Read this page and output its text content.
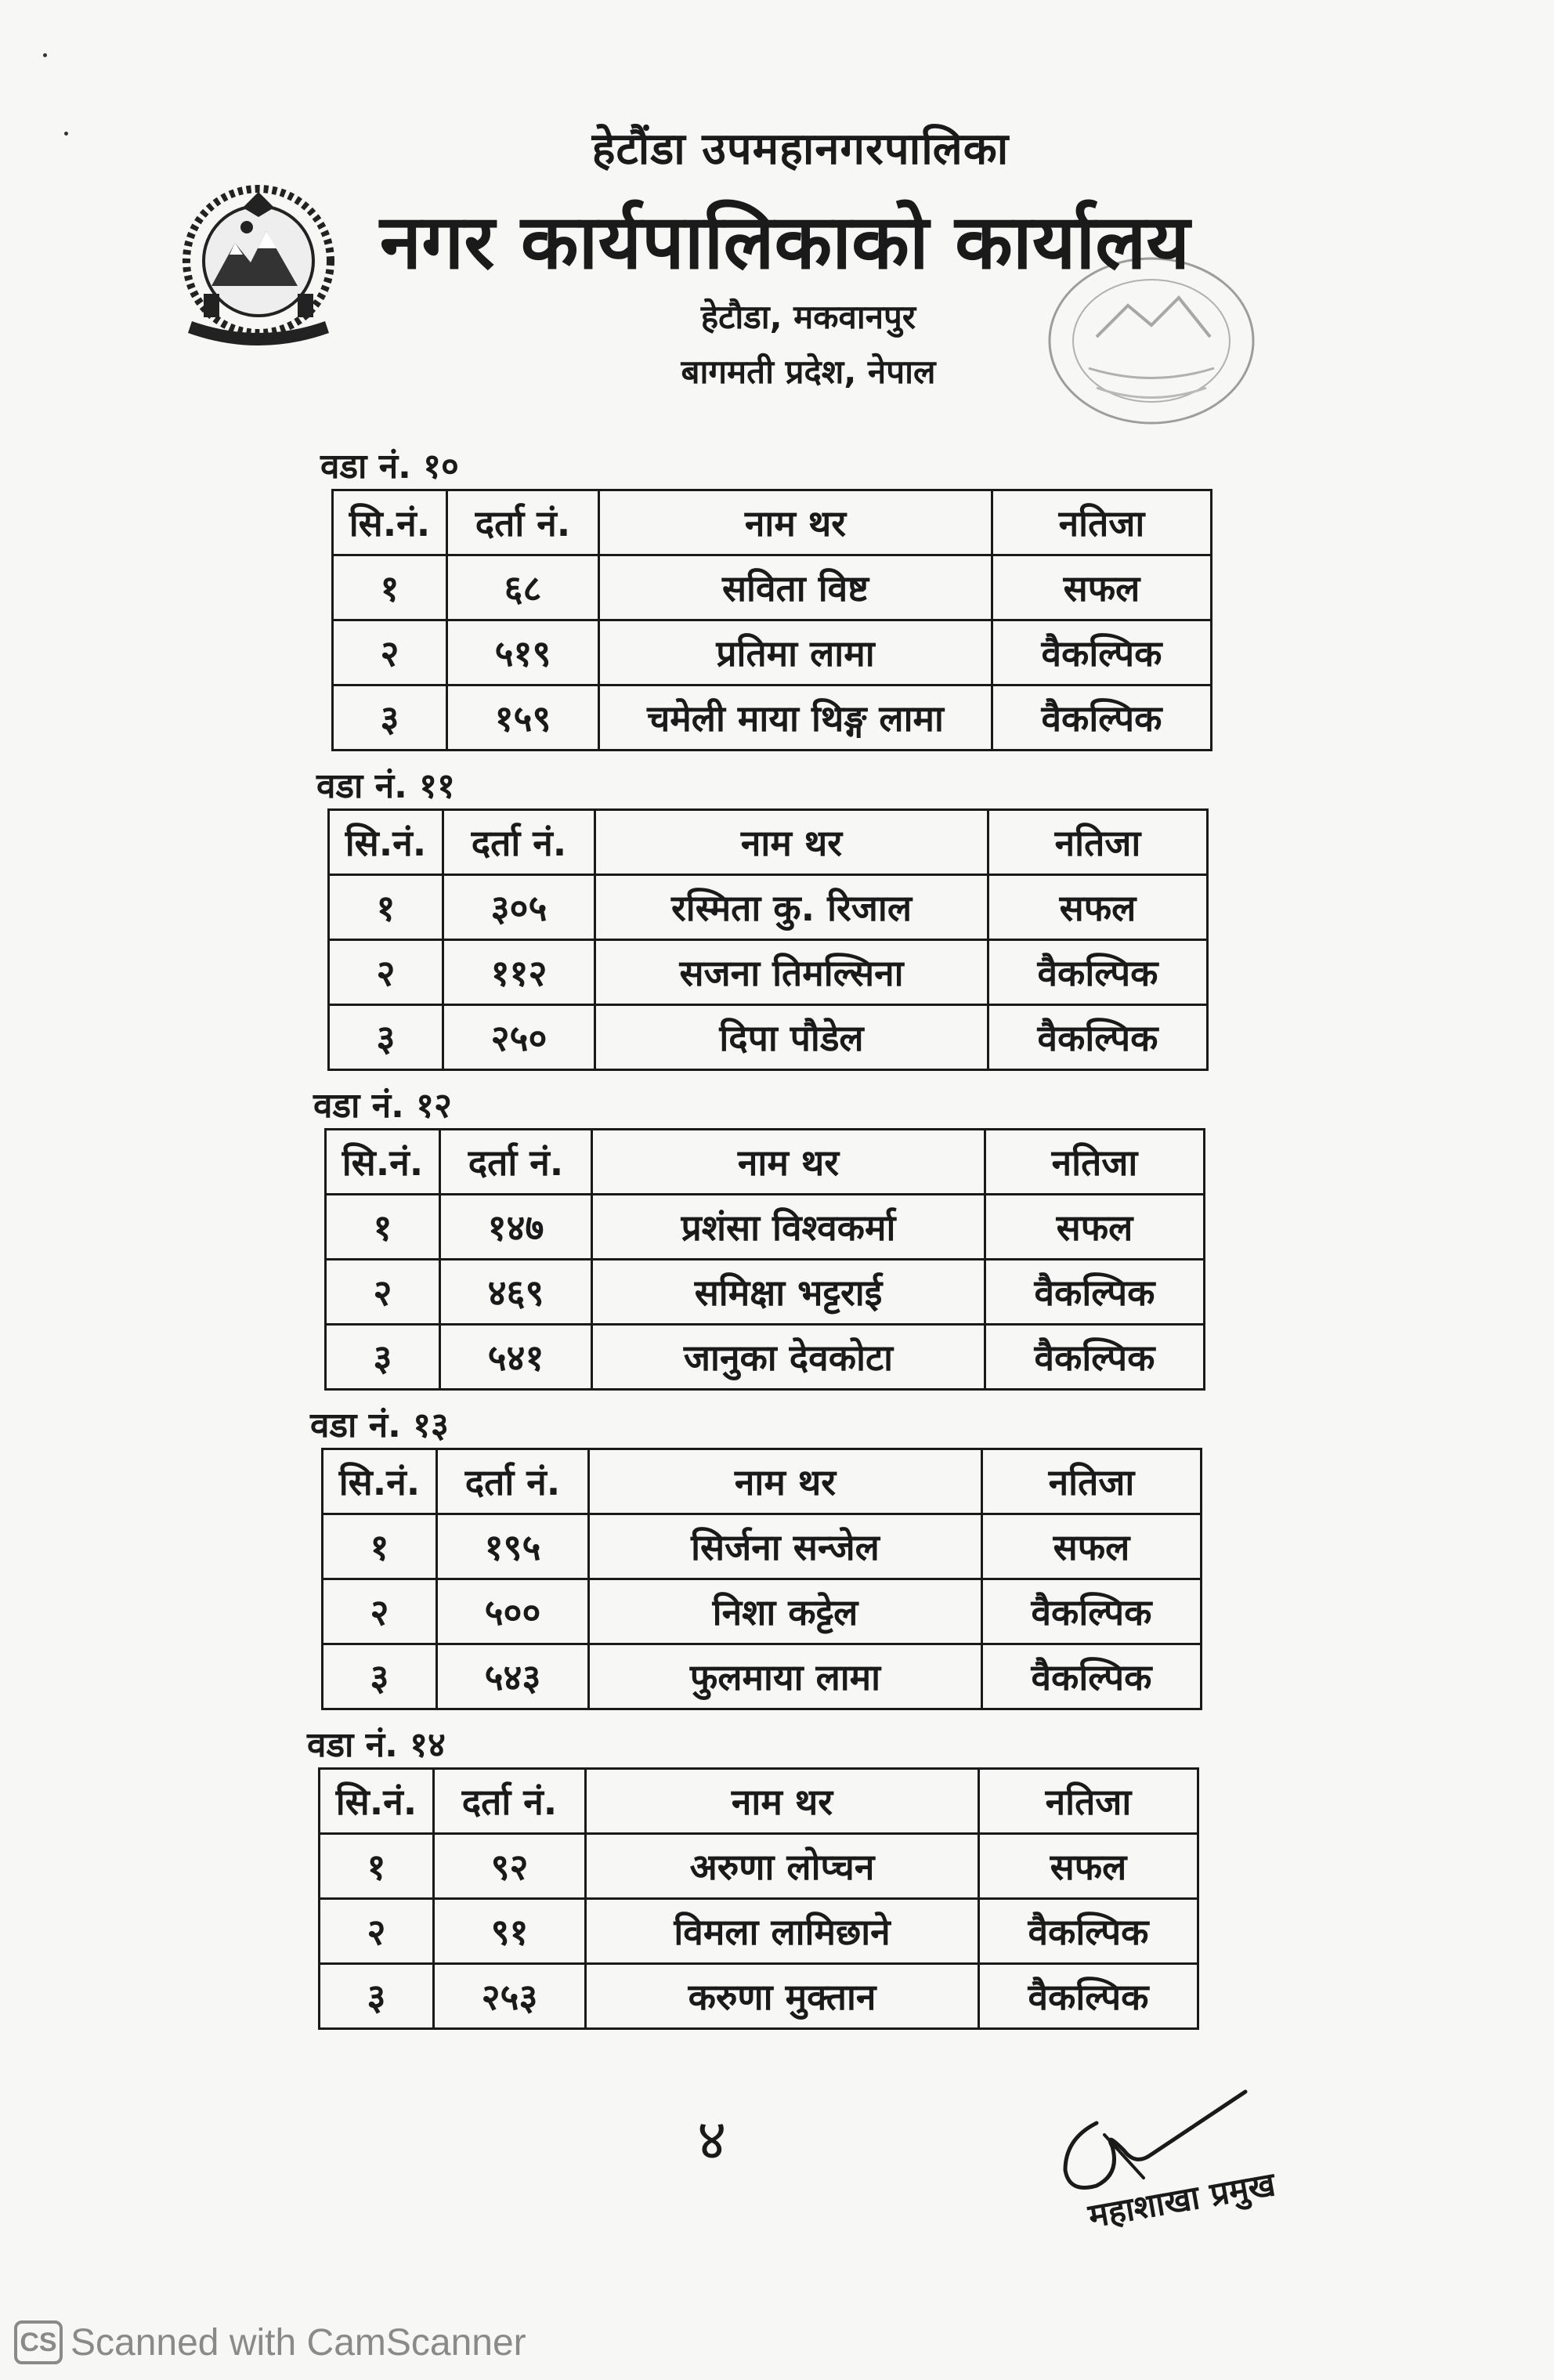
हेटौंडा उपमहानगरपालिका
नगर कार्यपालिकाको कार्यालय
हेटौडा, मकवानपुर
बागमती प्रदेश, नेपाल
वडा नं. १०
सि.नं.	दर्ता नं.	नाम थर	नतिजा
१	६८	सविता विष्ट	सफल
२	५१९	प्रतिमा लामा	वैकल्पिक
३	१५९	चमेली माया थिङ्ग लामा	वैकल्पिक
वडा नं. ११
सि.नं.	दर्ता नं.	नाम थर	नतिजा
१	३०५	रस्मिता कु. रिजाल	सफल
२	११२	सजना तिमल्सिना	वैकल्पिक
३	२५०	दिपा पौडेल	वैकल्पिक
वडा नं. १२
सि.नं.	दर्ता नं.	नाम थर	नतिजा
१	१४७	प्रशंसा विश्वकर्मा	सफल
२	४६९	समिक्षा भट्टराई	वैकल्पिक
३	५४१	जानुका देवकोटा	वैकल्पिक
वडा नं. १३
सि.नं.	दर्ता नं.	नाम थर	नतिजा
१	१९५	सिर्जना सन्जेल	सफल
२	५००	निशा कट्टेल	वैकल्पिक
३	५४३	फुलमाया लामा	वैकल्पिक
वडा नं. १४
सि.नं.	दर्ता नं.	नाम थर	नतिजा
१	९२	अरुणा लोप्चन	सफल
२	९१	विमला लामिछाने	वैकल्पिक
३	२५३	करुणा मुक्तान	वैकल्पिक
४
महाशाखा प्रमुख
CS Scanned with CamScanner
